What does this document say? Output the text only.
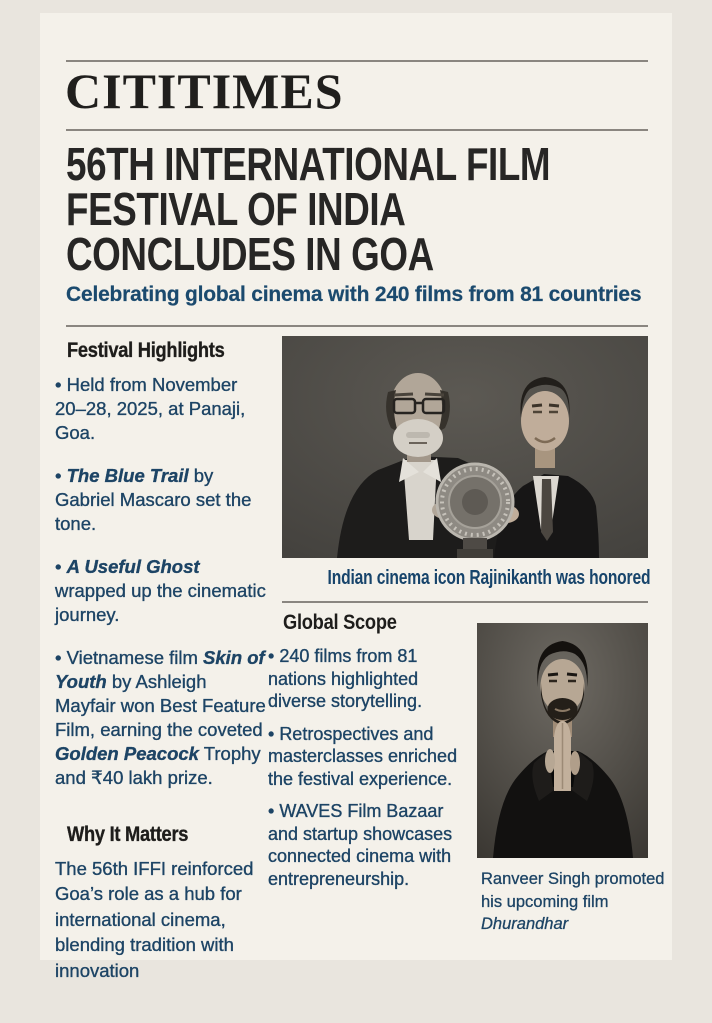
CITITIMES
56TH INTERNATIONAL FILM
FESTIVAL OF INDIA
CONCLUDES IN GOA
Celebrating global cinema with 240 films from 81 countries
Festival Highlights

• Held from November 20–28, 2025, at Panaji, Goa.

• The Blue Trail by Gabriel Mascaro set the tone.

• A Useful Ghost wrapped up the cinematic journey.

• Vietnamese film Skin of Youth by Ashleigh Mayfair won Best Feature Film, earning the coveted Golden Peacock Trophy and ₹40 lakh prize.

Why It Matters

The 56th IFFI reinforced Goa’s role as a hub for international cinema, blending tradition with innovation

Indian cinema icon Rajinikanth was honored
Global Scope

• 240 films from 81 nations highlighted diverse storytelling.

• Retrospectives and masterclasses enriched the festival experience.

• WAVES Film Bazaar and startup showcases connected cinema with entrepreneurship.	Ranveer Singh promoted his upcoming film Dhurandhar
